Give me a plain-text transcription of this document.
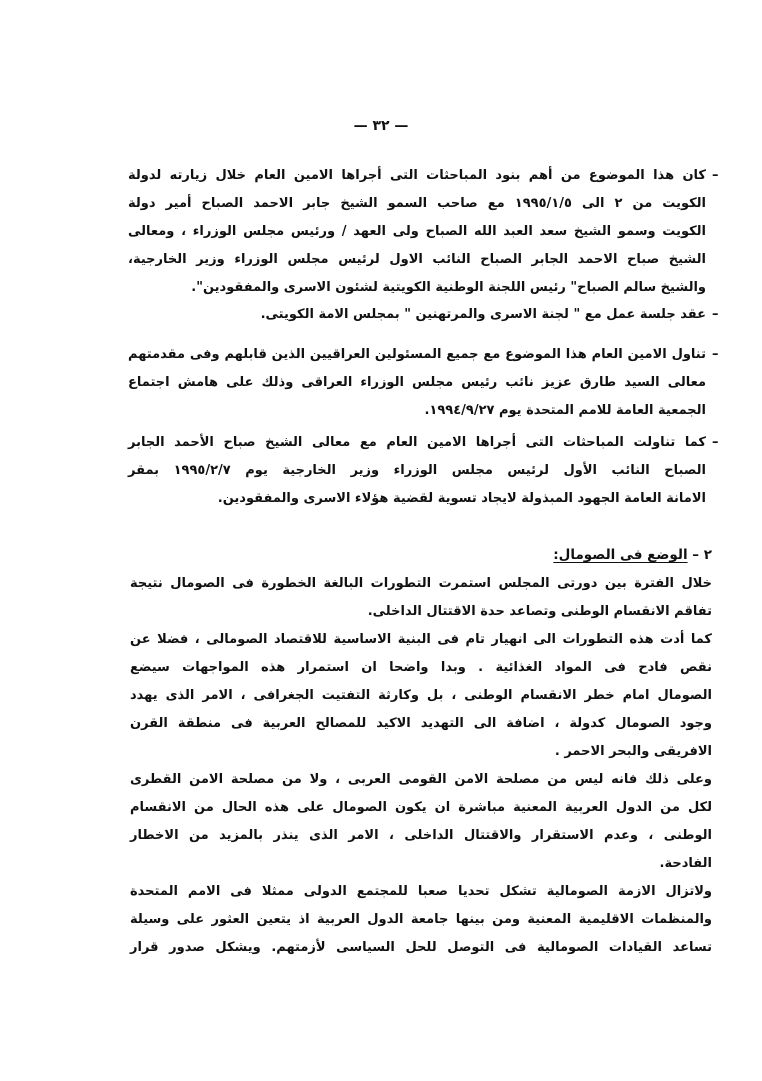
— ٣٢ —
–
كان هذا الموضوع من أهم بنود المباحثات التى أجراها الامين العام خلال زيارته لدولة
الكويت من ٢ الى ١٩٩٥/١/٥ مع صاحب السمو الشيخ جابر الاحمد الصباح أمير دولة
الكويت وسمو الشيخ سعد العبد الله الصباح ولى العهد / ورئيس مجلس الوزراء ، ومعالى
الشيخ صباح الاحمد الجابر الصباح النائب الاول لرئيس مجلس الوزراء وزير الخارجية،
والشيخ سالم الصباح" رئيس اللجنة الوطنية الكويتية لشئون الاسرى والمفقودين".
–
عقد جلسة عمل مع " لجنة الاسرى والمرتهنين " بمجلس الامة الكويتى.
–
تناول الامين العام هذا الموضوع مع جميع المسئولين العراقيين الذين قابلهم وفى مقدمتهم
معالى السيد طارق عزيز نائب رئيس مجلس الوزراء العراقى وذلك على هامش اجتماع
الجمعية العامة للامم المتحدة يوم ١٩٩٤/٩/٢٧.
–
كما تناولت المباحثات التى أجراها الامين العام مع معالى الشيخ صباح الأحمد الجابر
الصباح النائب الأول لرئيس مجلس الوزراء وزير الخارجية يوم ١٩٩٥/٢/٧ بمقر
الامانة العامة الجهود المبذولة لايجاد تسوية لقضية هؤلاء الاسرى والمفقودين.
٢ – الوضع فى الصومال:
خلال الفترة بين دورتى المجلس استمرت التطورات البالغة الخطورة فى الصومال نتيجة
تفاقم الانقسام الوطنى وتصاعد حدة الاقتتال الداخلى.
كما أدت هذه التطورات الى انهيار تام فى البنية الاساسية للاقتصاد الصومالى ، فضلا عن
نقص فادح فى المواد الغذائية . وبدا واضحا ان استمرار هذه المواجهات سيضع
الصومال امام خطر الانقسام الوطنى ، بل وكارثة التفتيت الجغرافى ، الامر الذى يهدد
وجود الصومال كدولة ، اضافة الى التهديد الاكيد للمصالح العربية فى منطقة القرن
الافريقى والبحر الاحمر .
وعلى ذلك فانه ليس من مصلحة الامن القومى العربى ، ولا من مصلحة الامن القطرى
لكل من الدول العربية المعنية مباشرة ان يكون الصومال على هذه الحال من الانقسام
الوطنى ، وعدم الاستقرار والاقتتال الداخلى ، الامر الذى ينذر بالمزيد من الاخطار
الفادحة.
ولاتزال الازمة الصومالية تشكل تحديا صعبا للمجتمع الدولى ممثلا فى الامم المتحدة
والمنظمات الاقليمية المعنية ومن بينها جامعة الدول العربية اذ يتعين العثور على وسيلة
تساعد القيادات الصومالية فى التوصل للحل السياسى لأزمتهم. ويشكل صدور قرار
